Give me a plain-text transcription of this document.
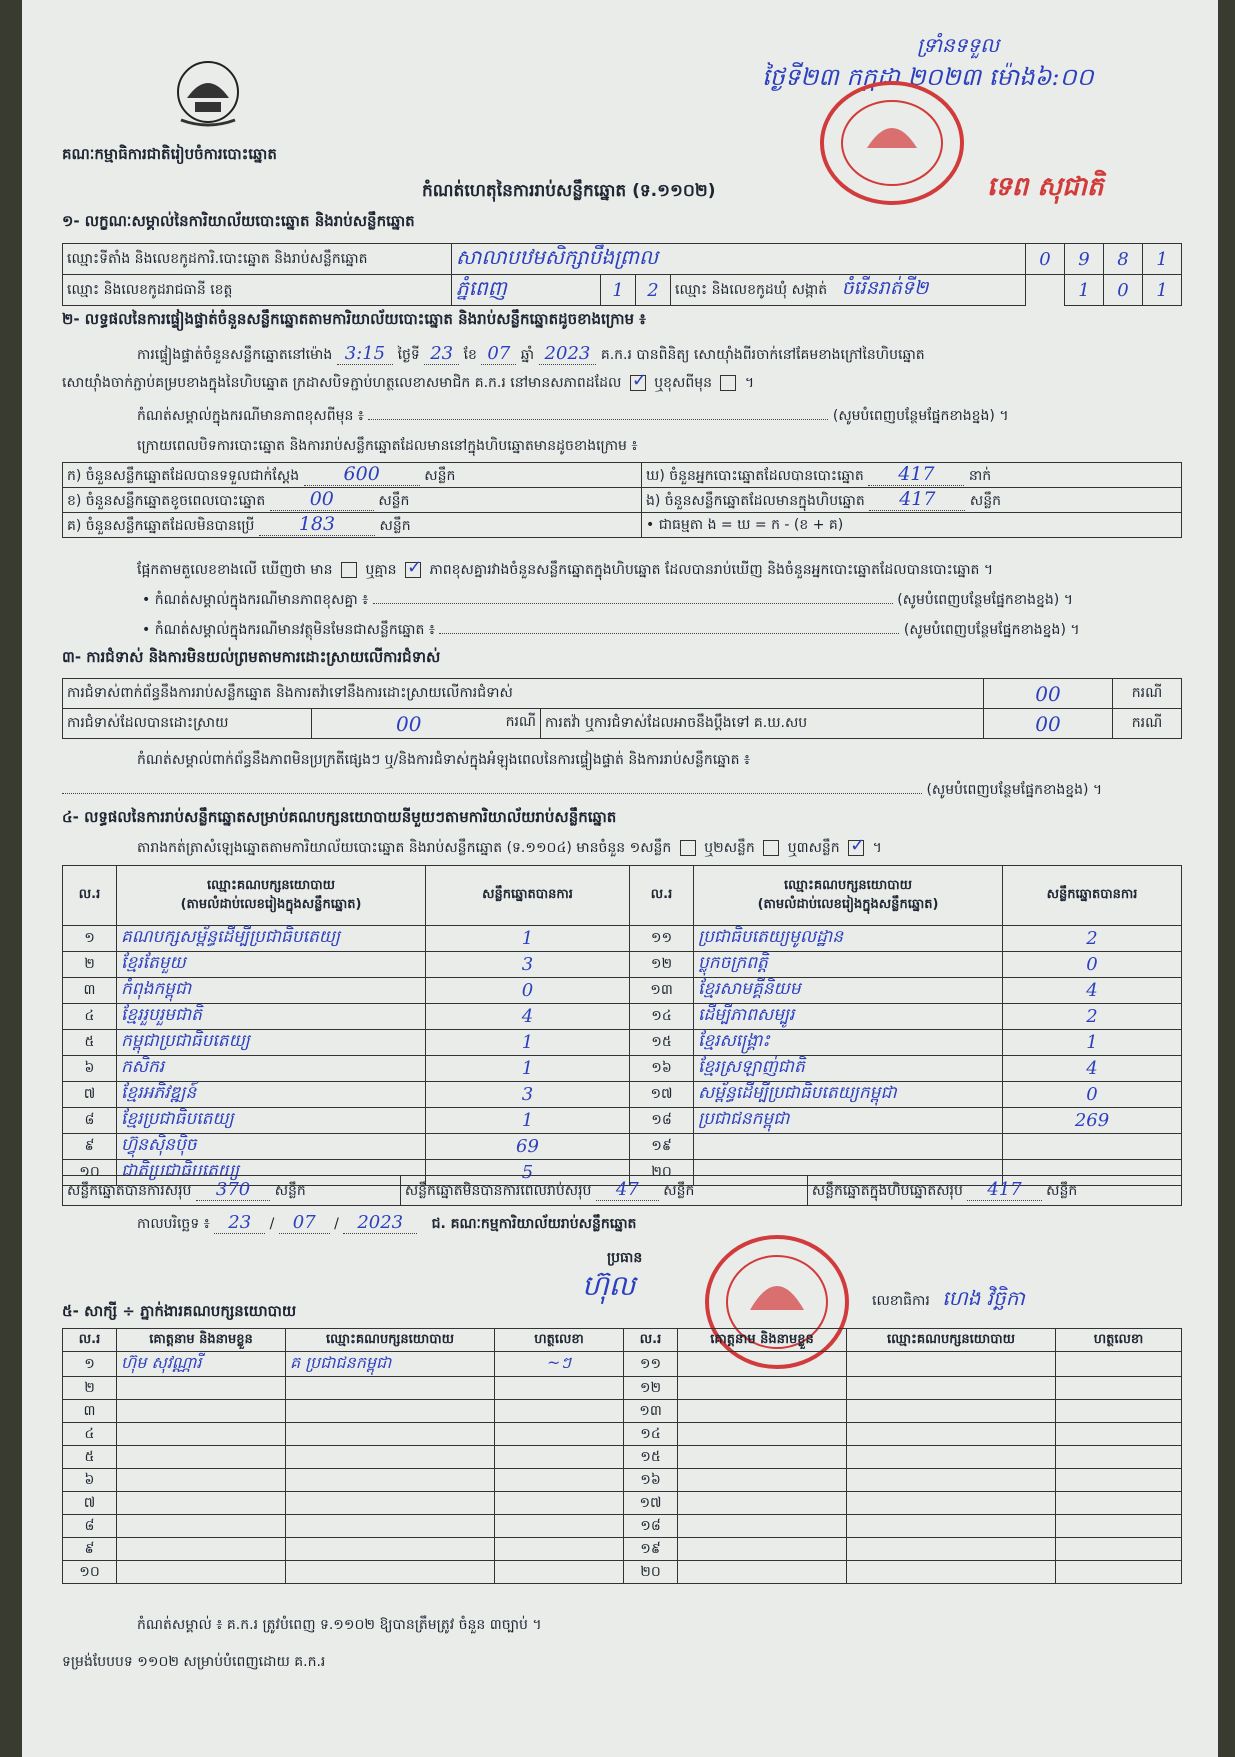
គណៈកម្មាធិការជាតិរៀបចំការបោះឆ្នោត
កំណត់ហេតុនៃការរាប់សន្លឹកឆ្នោត (ទ.១១០២)
ទ្រាំនទទួល
ថ្ងៃទី២៣ កក្កដា ២០២៣ ម៉ោង៦:០០
ទេព សុជាតិ
១- លក្ខណៈសម្គាល់នៃការិយាល័យបោះឆ្នោត និងរាប់សន្លឹកឆ្នោត
ឈ្មោះទីតាំង និងលេខកូដការិ.បោះឆ្នោត និងរាប់សន្លឹកឆ្នោត	សាលាបឋមសិក្សាបឹងព្រាល				0	9	8	1
ឈ្មោះ និងលេខកូដរាជធានី ខេត្ត	ភ្នំពេញ	1	2	ឈ្មោះ និងលេខកូដឃុំ សង្កាត់ ចំរើនរាត់ទី២		1	0	1
២- លទ្ធផលនៃការផ្ទៀងផ្ទាត់ចំនួនសន្លឹកឆ្នោតតាមការិយាល័យបោះឆ្នោត និងរាប់សន្លឹកឆ្នោតដូចខាងក្រោម ៖
ការផ្ទៀងផ្ទាត់ចំនួនសន្លឹកឆ្នោតនៅម៉ោង 3:15 ថ្ងៃទី 23 ខែ 07 ឆ្នាំ 2023 គ.ក.រ បានពិនិត្យ សោយ៉ាំងពីរចាក់នៅគែមខាងក្រៅនៃហិបឆ្នោត
សោយ៉ាំងចាក់ភ្ជាប់គម្របខាងក្នុងនៃហិបឆ្នោត ក្រដាសបិទភ្ជាប់ហត្ថលេខាសមាជិក គ.ក.រ នៅមានសភាពដដែល ✓ ឬខុសពីមុន  ។
កំណត់សម្គាល់ក្នុងករណីមានភាពខុសពីមុន ៖	(សូមបំពេញបន្ថែមផ្នែកខាងខ្នង) ។
ក្រោយពេលបិទការបោះឆ្នោត និងការរាប់សន្លឹកឆ្នោតដែលមាននៅក្នុងហិបឆ្នោតមានដូចខាងក្រោម ៖
ក) ចំនួនសន្លឹកឆ្នោតដែលបានទទួលជាក់ស្តែង 600 សន្លឹក	ឃ) ចំនួនអ្នកបោះឆ្នោតដែលបានបោះឆ្នោត 417 នាក់
ខ) ចំនួនសន្លឹកឆ្នោតខូចពេលបោះឆ្នោត 00 សន្លឹក	ង) ចំនួនសន្លឹកឆ្នោតដែលមានក្នុងហិបឆ្នោត 417 សន្លឹក
គ) ចំនួនសន្លឹកឆ្នោតដែលមិនបានប្រើ 183 សន្លឹក	• ជាធម្មតា ង = ឃ = ក - (ខ + គ)
ផ្អែកតាមតួលេខខាងលើ ឃើញថា មាន ឬគ្មាន ✓ ភាពខុសគ្នារវាងចំនួនសន្លឹកឆ្នោតក្នុងហិបឆ្នោត ដែលបានរាប់ឃើញ និងចំនួនអ្នកបោះឆ្នោតដែលបានបោះឆ្នោត ។
• កំណត់សម្គាល់ក្នុងករណីមានភាពខុសគ្នា ៖	(សូមបំពេញបន្ថែមផ្នែកខាងខ្នង) ។
• កំណត់សម្គាល់ក្នុងករណីមានវត្ថុមិនមែនជាសន្លឹកឆ្នោត ៖	(សូមបំពេញបន្ថែមផ្នែកខាងខ្នង) ។
៣- ការជំទាស់ និងការមិនយល់ព្រមតាមការដោះស្រាយលើការជំទាស់
ការជំទាស់ពាក់ព័ន្ធនឹងការរាប់សន្លឹកឆ្នោត និងការតវ៉ាទៅនឹងការដោះស្រាយលើការជំទាស់			00	ករណី
ការជំទាស់ដែលបានដោះស្រាយ	00 ករណី	ការតវ៉ា ឬការជំទាស់ដែលអាចនឹងប្តឹងទៅ គ.ឃ.សប	00	ករណី
កំណត់សម្គាល់ពាក់ព័ន្ធនឹងភាពមិនប្រក្រតីផ្សេងៗ ឬ/និងការជំទាស់ក្នុងអំឡុងពេលនៃការផ្ទៀងផ្ទាត់ និងការរាប់សន្លឹកឆ្នោត ៖
(សូមបំពេញបន្ថែមផ្នែកខាងខ្នង) ។
៤- លទ្ធផលនៃការរាប់សន្លឹកឆ្នោតសម្រាប់គណបក្សនយោបាយនីមួយៗតាមការិយាល័យរាប់សន្លឹកឆ្នោត
តារាងកត់ត្រាសំឡេងឆ្នោតតាមការិយាល័យបោះឆ្នោត និងរាប់សន្លឹកឆ្នោត (ទ.១១០៤) មានចំនួន ១សន្លឹក ឬ២សន្លឹក ឬ៣សន្លឹក ✓ ។
ល.រ	
ឈ្មោះគណបក្សនយោបាយ
(តាមលំដាប់លេខរៀងក្នុងសន្លឹកឆ្នោត)
	សន្លឹកឆ្នោតបានការ	ល.រ	
ឈ្មោះគណបក្សនយោបាយ
(តាមលំដាប់លេខរៀងក្នុងសន្លឹកឆ្នោត)
	សន្លឹកឆ្នោតបានការ
១	គណបក្សសម្ព័ន្ធដើម្បីប្រជាធិបតេយ្យ	1	១១	ប្រជាធិបតេយ្យមូលដ្ឋាន	2
២	ខ្មែរតែមួយ	3	១២	ប្លុកចក្រពត្តិ	0
៣	កំពុងកម្ពុជា	0	១៣	ខ្មែរសាមគ្គីនិយម	4
៤	ខ្មែររួបរួមជាតិ	4	១៤	ដើម្បីភាពសម្បូរ	2
៥	កម្ពុជាប្រជាធិបតេយ្យ	1	១៥	ខ្មែរសង្គ្រោះ	1
៦	កសិករ	1	១៦	ខ្មែរស្រឡាញ់ជាតិ	4
៧	ខ្មែរអភិវឌ្ឍន៍	3	១៧	សម្ព័ន្ធដើម្បីប្រជាធិបតេយ្យកម្ពុជា	0
៨	ខ្មែរប្រជាធិបតេយ្យ	1	១៨	ប្រជាជនកម្ពុជា	269
៩	ហ៊្វុនស៊ិនប៉ិច	69	១៩		
១០	ជាតិប្រជាធិបតេយ្យ	5	២០		
សន្លឹកឆ្នោតបានការសរុប 370 សន្លឹក	សន្លឹកឆ្នោតមិនបានការពេលរាប់សរុប 47 សន្លឹក	សន្លឹកឆ្នោតក្នុងហិបឆ្នោតសរុប 417 សន្លឹក
កាលបរិច្ឆេទ ៖ 23 / 07 / 2023 ជ. គណៈកម្មការិយាល័យរាប់សន្លឹកឆ្នោត
ប្រធាន
ហ៊ុល	លេខាធិការ ហេង វិច្ឆិកា
៥- សាក្សី ÷ ភ្នាក់ងារគណបក្សនយោបាយ
ល.រ	គោត្តនាម និងនាមខ្លួន	ឈ្មោះគណបក្សនយោបាយ	ហត្ថលេខា	ល.រ	គោត្តនាម និងនាមខ្លួន	ឈ្មោះគណបក្សនយោបាយ	ហត្ថលេខា
១	ហ៊ុម សុវណ្ណារី	គ ប្រជាជនកម្ពុជា	~ៗ	១១			
២				១២			
៣				១៣			
៤				១៤			
៥				១៥			
៦				១៦			
៧				១៧			
៨				១៨			
៩				១៩			
១០				២០			
កំណត់សម្គាល់ ៖ គ.ក.រ ត្រូវបំពេញ ទ.១១០២ ឱ្យបានត្រឹមត្រូវ ចំនួន ៣ច្បាប់ ។
ទម្រង់បែបបទ ១១០២ សម្រាប់បំពេញដោយ គ.ក.រ
